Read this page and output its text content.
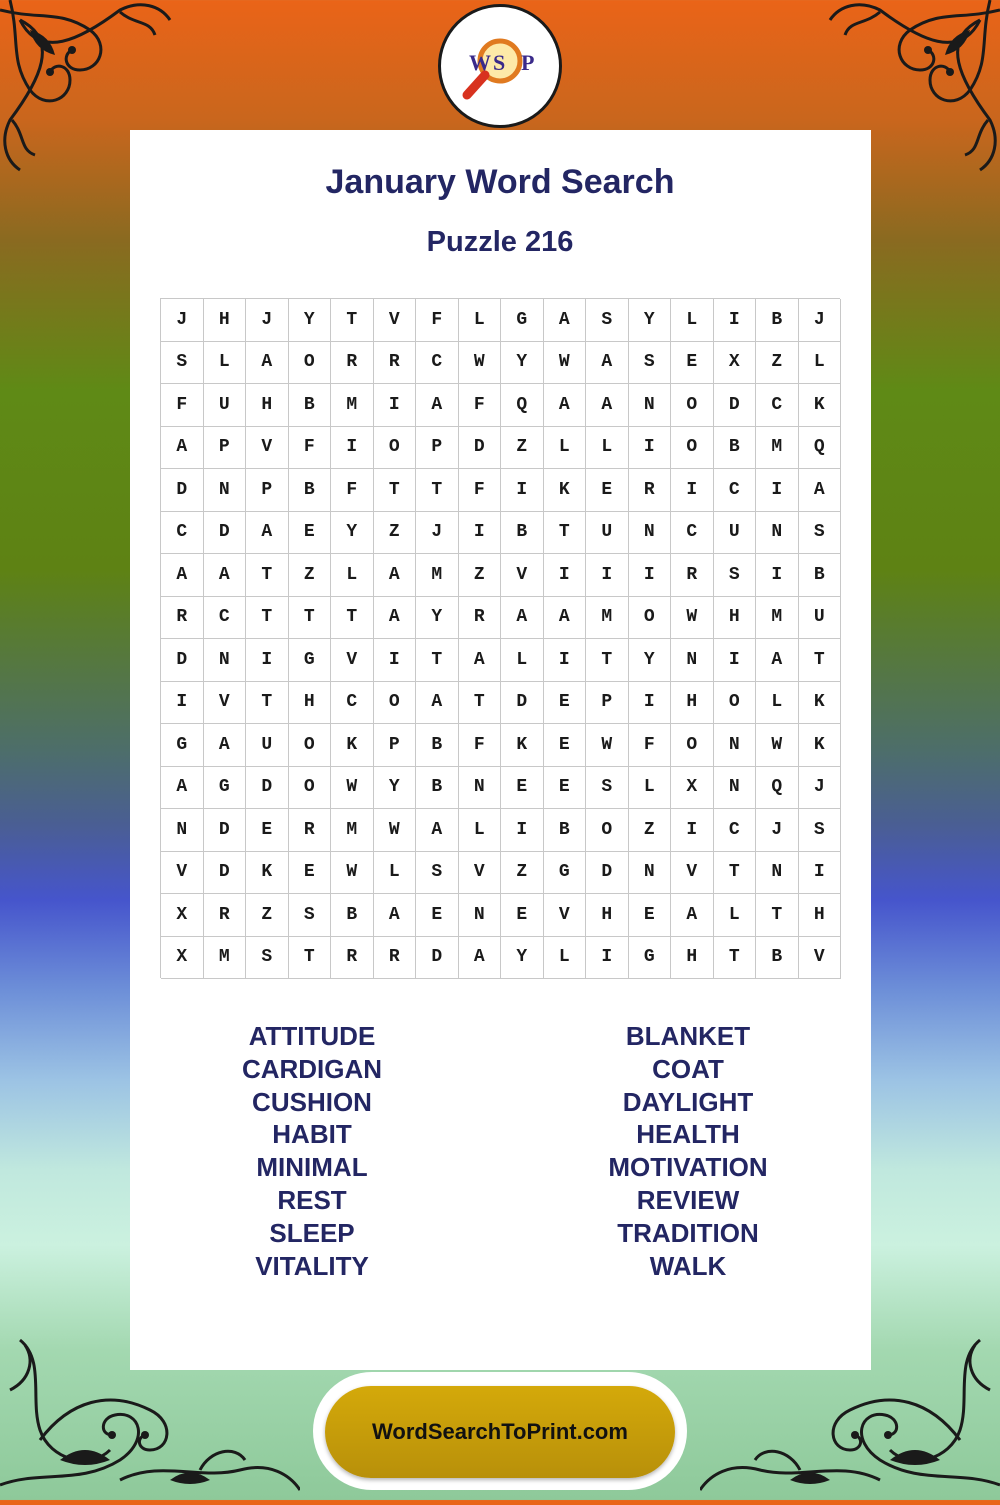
W S P
January Word Search
Puzzle 216
J	H	J	Y	T	V	F	L	G	A	S	Y	L	I	B	J
S	L	A	O	R	R	C	W	Y	W	A	S	E	X	Z	L
F	U	H	B	M	I	A	F	Q	A	A	N	O	D	C	K
A	P	V	F	I	O	P	D	Z	L	L	I	O	B	M	Q
D	N	P	B	F	T	T	F	I	K	E	R	I	C	I	A
C	D	A	E	Y	Z	J	I	B	T	U	N	C	U	N	S
A	A	T	Z	L	A	M	Z	V	I	I	I	R	S	I	B
R	C	T	T	T	A	Y	R	A	A	M	O	W	H	M	U
D	N	I	G	V	I	T	A	L	I	T	Y	N	I	A	T
I	V	T	H	C	O	A	T	D	E	P	I	H	O	L	K
G	A	U	O	K	P	B	F	K	E	W	F	O	N	W	K
A	G	D	O	W	Y	B	N	E	E	S	L	X	N	Q	J
N	D	E	R	M	W	A	L	I	B	O	Z	I	C	J	S
V	D	K	E	W	L	S	V	Z	G	D	N	V	T	N	I
X	R	Z	S	B	A	E	N	E	V	H	E	A	L	T	H
X	M	S	T	R	R	D	A	Y	L	I	G	H	T	B	V
ATTITUDE
CARDIGAN
CUSHION
HABIT
MINIMAL
REST
SLEEP
VITALITY
BLANKET
COAT
DAYLIGHT
HEALTH
MOTIVATION
REVIEW
TRADITION
WALK
WordSearchToPrint.com
